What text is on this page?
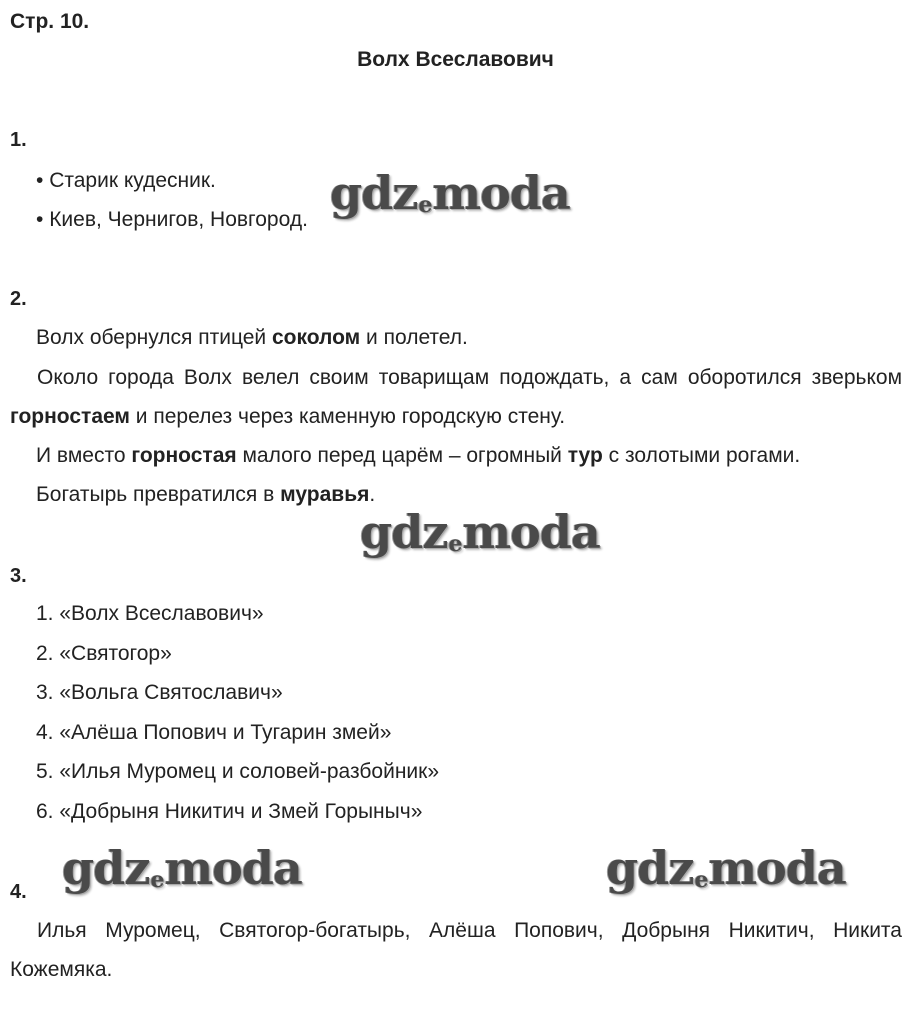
Стр. 10.
Волх Всеславович
1.
• Старик кудесник.
• Киев, Чернигов, Новгород.
2.
Волх обернулся птицей соколом и полетел.
Около города Волх велел своим товарищам подождать, а сам оборотился зверьком горностаем и перелез через каменную городскую стену.
И вместо горностая малого перед царём – огромный тур с золотыми рогами.
Богатырь превратился в муравья.
3.
1. «Волх Всеславович»
2. «Святогор»
3. «Вольга Святославич»
4. «Алёша Попович и Тугарин змей»
5. «Илья Муромец и соловей-разбойник»
6. «Добрыня Никитич и Змей Горыныч»
4.
Илья Муромец, Святогор-богатырь, Алёша Попович, Добрыня Никитич, Никита Кожемяка.
gdzemoda
gdzemoda
gdzemoda	gdzemoda
